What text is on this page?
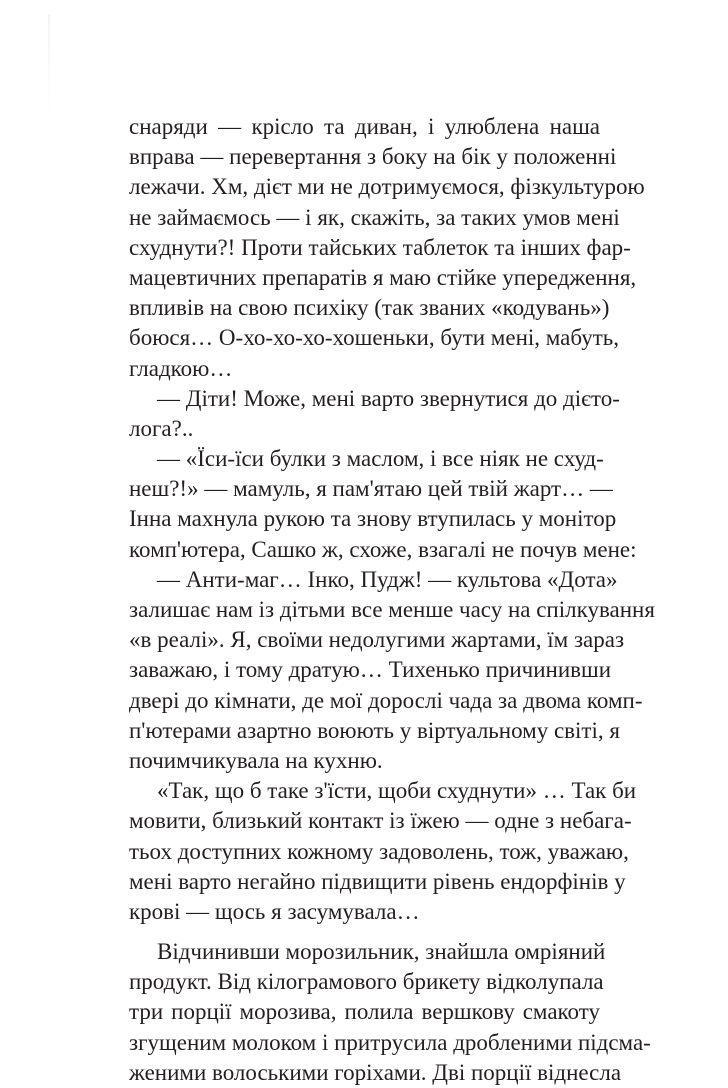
снаряди — крісло та диван, і улюблена наша
вправа — перевертання з боку на бік у положенні
лежачи. Хм, дієт ми не дотримуємося, фізкультурою
не займаємось — і як, скажіть, за таких умов мені
схуднути?! Проти тайських таблеток та інших фар-
мацевтичних препаратів я маю стійке упередження,
впливів на свою психіку (так званих «кодувань»)
боюся… О-хо-хо-хо-хошеньки, бути мені, мабуть,
гладкою…
— Діти! Може, мені варто звернутися до дієто-
лога?..
— «Їси-їси булки з маслом, і все ніяк не схуд-
неш?!» — мамуль, я пам'ятаю цей твій жарт… —
Інна махнула рукою та знову втупилась у монітор
комп'ютера, Сашко ж, схоже, взагалі не почув мене:
— Анти-маг… Інко, Пудж! — культова «Дота»
залишає нам із дітьми все менше часу на спілкування
«в реалі». Я, своїми недолугими жартами, їм зараз
заважаю, і тому дратую… Тихенько причинивши
двері до кімнати, де мої дорослі чада за двома комп-
п'ютерами азартно воюють у віртуальному світі, я
почимчикувала на кухню.
«Так, що б таке з'їсти, щоби схуднути» … Так би
мовити, близький контакт із їжею — одне з небага-
тьох доступних кожному задоволень, тож, уважаю,
мені варто негайно підвищити рівень ендорфінів у
крові — щось я засумувала…
Відчинивши морозильник, знайшла омріяний
продукт. Від кілограмового брикету відколупала
три порції морозива, полила вершкову смакоту
згущеним молоком і притрусила дробленими підсма-
женими волоськими горіхами. Дві порції віднесла
